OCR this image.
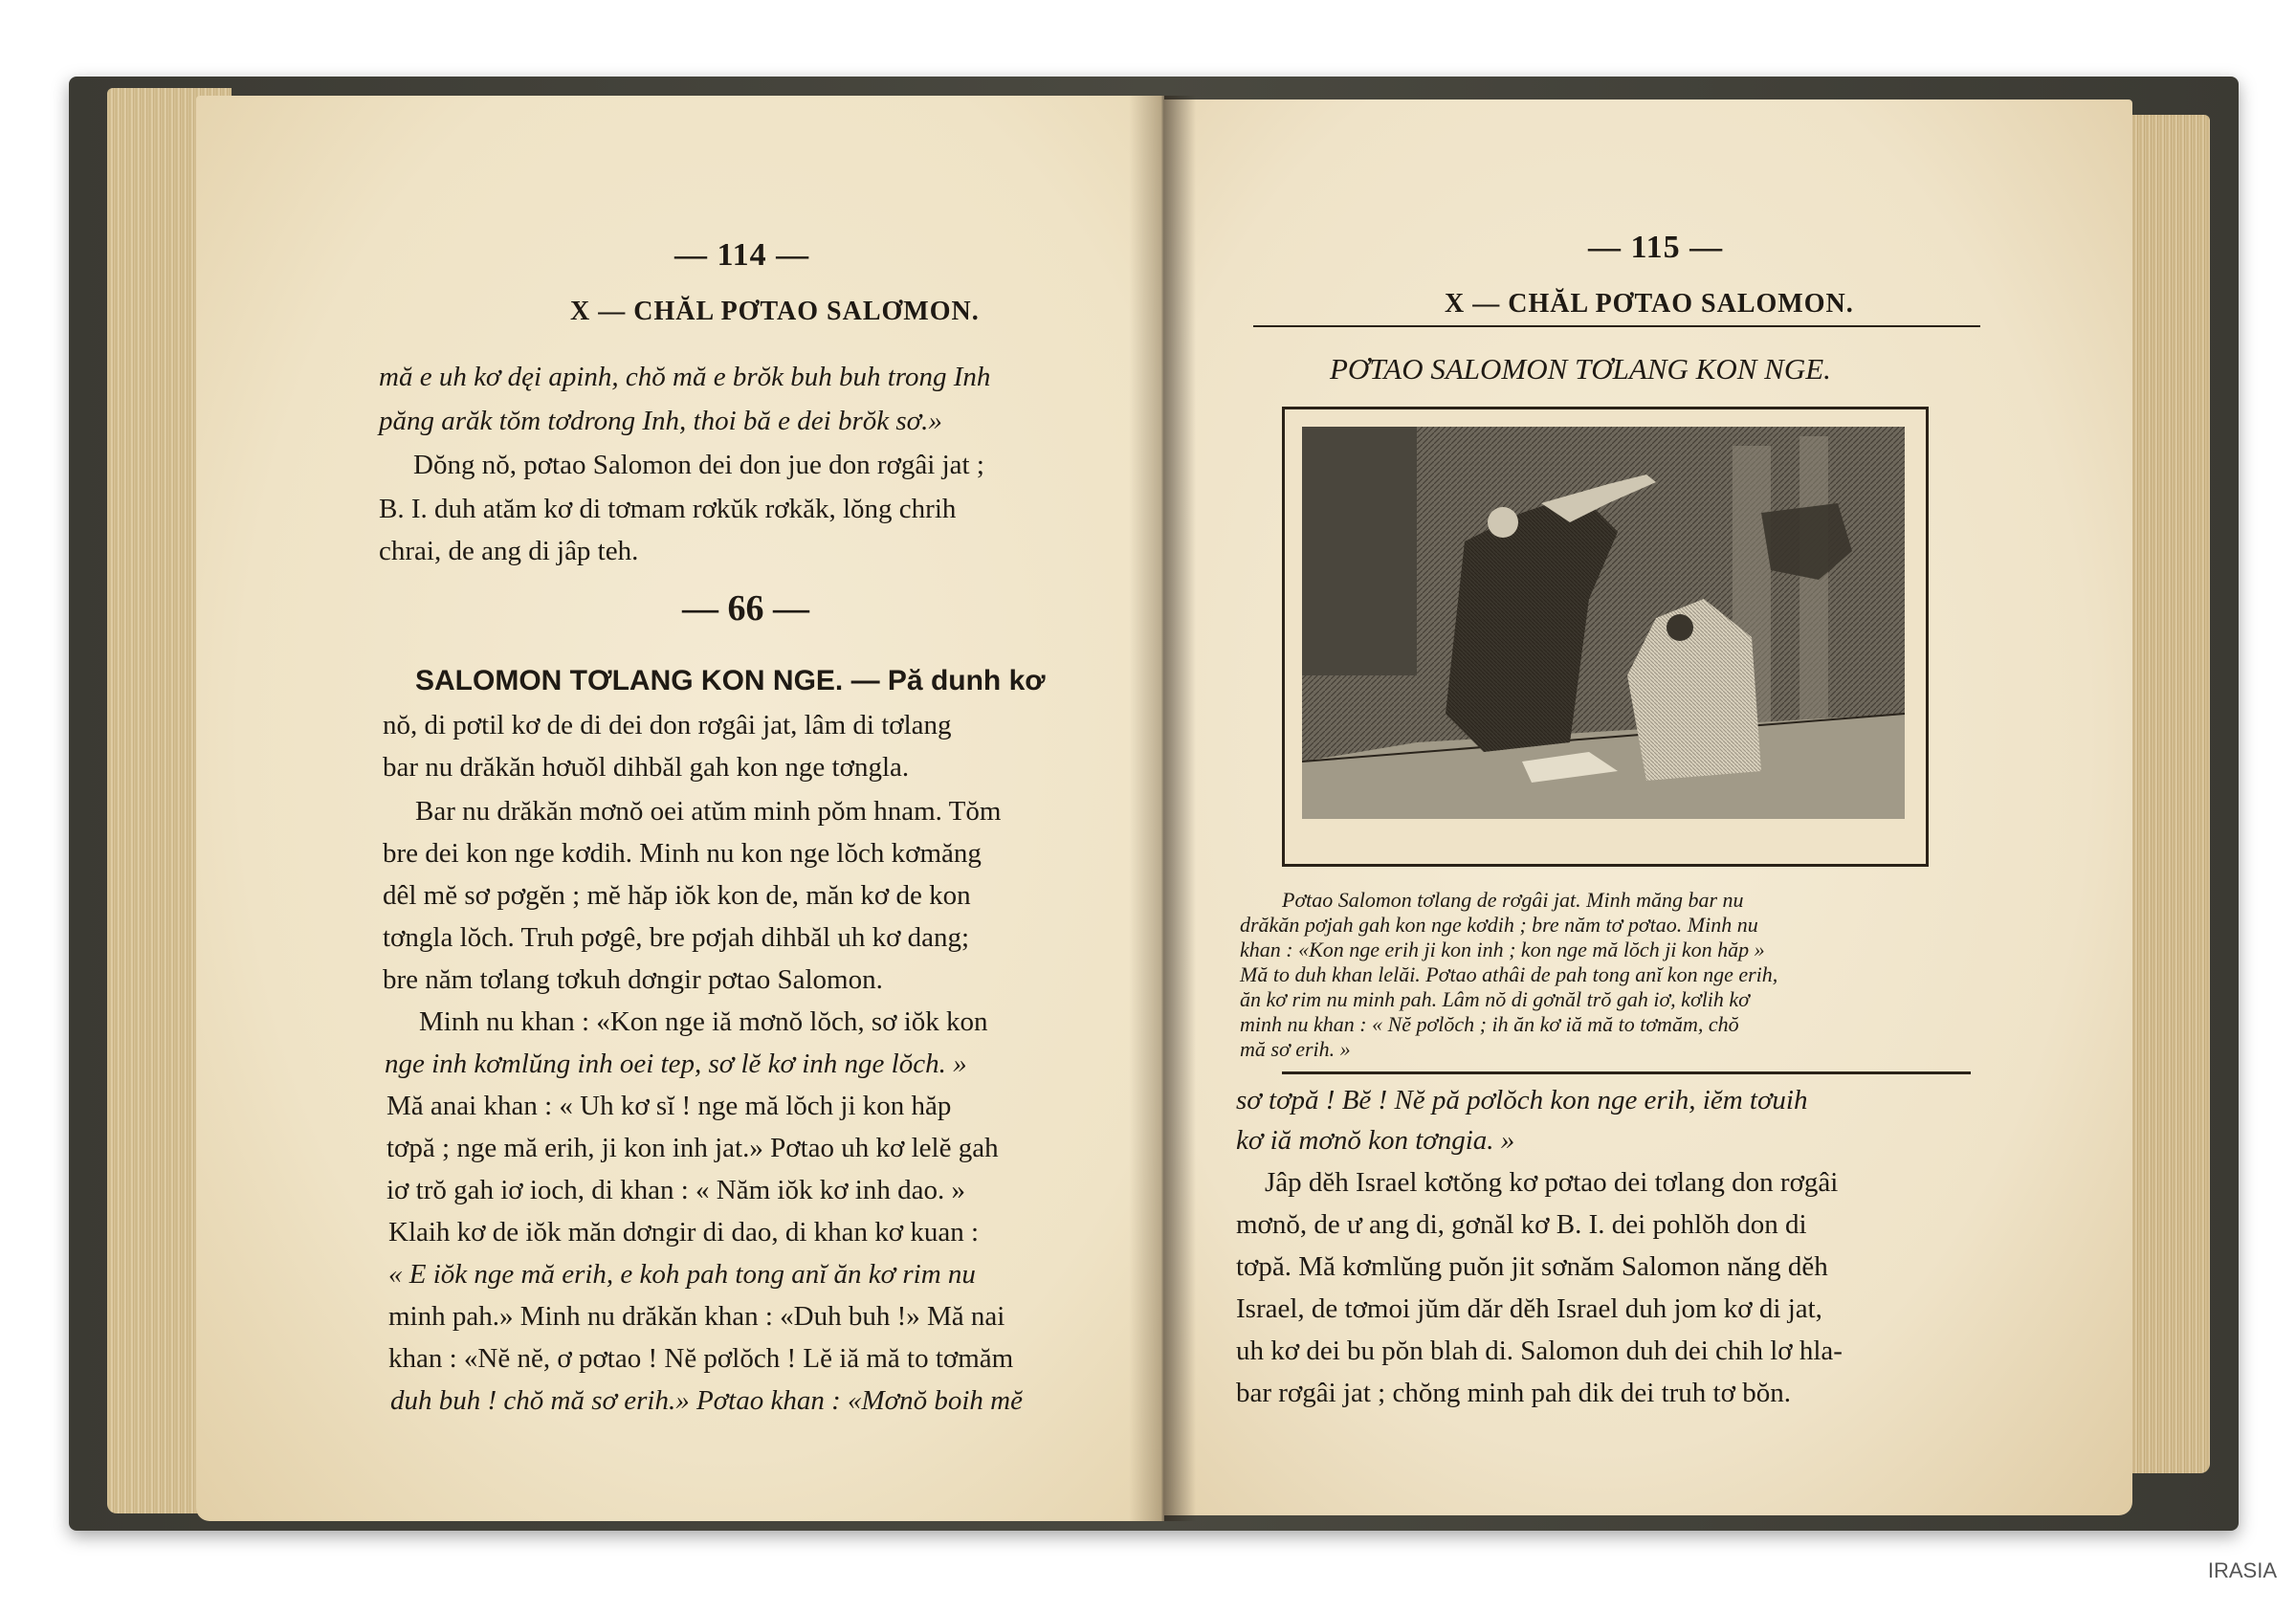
— 114 —
X — CHĂL PƠTAO SALƠMON.
mă e uh kơ dęi apinh, chŏ mă e brŏk buh buh trong Inh
păng arăk tŏm tơdrong Inh, thoi bă e dei brŏk sơ.»
Dŏng nŏ, pơtao Salomon dei don jue don rơgâi jat ;
B. I. duh atăm kơ di tơmam rơkŭk rơkăk, lŏng chrih
chrai, de ang di jâp teh.
— 66 —
SALOMON TƠLANG KON NGE. — Pă dunh kơ
nŏ, di pơtil kơ de di dei don rơgâi jat, lâm di tơlang
bar nu drăkăn hơuŏl dihbăl gah kon nge tơngla.
Bar nu drăkăn mơnŏ oei atŭm minh pŏm hnam. Tŏm
bre dei kon nge kơdih. Minh nu kon nge lŏch kơmăng
dêl mĕ sơ pơgĕn ; mĕ hăp iŏk kon de, măn kơ de kon
tơngla lŏch. Truh pơgê, bre pơjah dihbăl uh kơ dang;
bre năm tơlang tơkuh dơngir pơtao Salomon.
Minh nu khan : «Kon nge iă mơnŏ lŏch, sơ iŏk kon
nge inh kơmlŭng inh oei tep, sơ lĕ kơ inh nge lŏch. »
Mă anai khan : « Uh kơ sĭ ! nge mă lŏch ji kon hăp
tơpă ; nge mă erih, ji kon inh jat.» Pơtao uh kơ lelĕ gah
iơ trŏ gah iơ ioch, di khan : « Năm iŏk kơ inh dao. »
Klaih kơ de iŏk măn dơngir di dao, di khan kơ kuan :
« E iŏk nge mă erih, e koh pah tong anĭ ăn kơ rim nu
minh pah.» Minh nu drăkăn khan : «Duh buh !» Mă nai
khan : «Nĕ nĕ, ơ pơtao ! Nĕ pơlŏch ! Lĕ iă mă to tơmăm
duh buh ! chŏ mă sơ erih.» Pơtao khan : «Mơnŏ boih mĕ
— 115 —
X — CHĂL PƠTAO SALOMON.
PƠTAO SALOMON TƠLANG KON NGE.
Pơtao Salomon tơlang de rơgâi jat. Minh măng bar nu
drăkăn pơjah gah kon nge kơdih ; bre năm tơ pơtao. Minh nu
khan : «Kon nge erih ji kon inh ; kon nge mă lŏch ji kon hăp »
Mă to duh khan lelăi. Pơtao athâi de pah tong anĭ kon nge erih,
ăn kơ rim nu minh pah. Lâm nŏ di gơnăl trŏ gah iơ, kơlih kơ
minh nu khan : « Nĕ pơlŏch ; ih ăn kơ iă mă to tơmăm, chŏ
mă sơ erih. »
sơ tơpă ! Bĕ ! Nĕ pă pơlŏch kon nge erih, iĕm tơuih
kơ iă mơnŏ kon tơngia. »
Jâp dĕh Israel kơtŏng kơ pơtao dei tơlang don rơgâi
mơnŏ, de ư ang di, gơnăl kơ B. I. dei pohlŏh don di
tơpă. Mă kơmlŭng puŏn jit sơnăm Salomon năng dĕh
Israel, de tơmoi jŭm dăr dĕh Israel duh jom kơ di jat,
uh kơ dei bu pŏn blah di. Salomon duh dei chih lơ hla-
bar rơgâi jat ; chŏng minh pah dik dei truh tơ bŏn.
IRASIA
